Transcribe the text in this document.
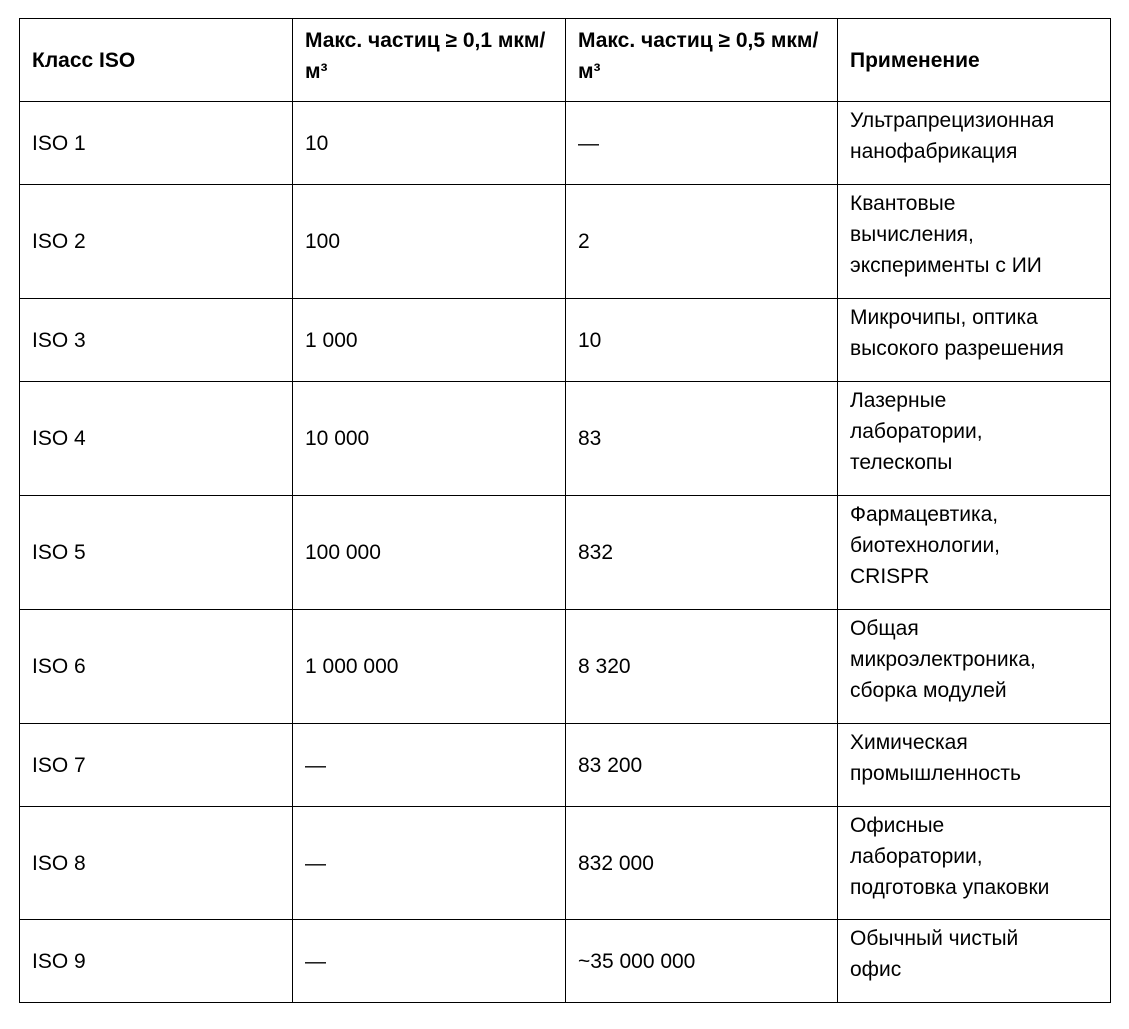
Класс ISO	Макс. частиц ≥ 0,1 мкм/м³	Макс. частиц ≥ 0,5 мкм/м³	Применение
ISO 1	10	—	Ультрапрецизионная
нанофабрикация

ISO 2	100	2	Квантовые
вычисления,
эксперименты с ИИ

ISO 3	1 000	10	Микрочипы, оптика
высокого разрешения

ISO 4	10 000	83	Лазерные
лаборатории,
телескопы

ISO 5	100 000	832	Фармацевтика,
биотехнологии,
CRISPR

ISO 6	1 000 000	8 320	Общая
микроэлектроника,
сборка модулей

ISO 7	—	83 200	Химическая
промышленность

ISO 8	—	832 000	Офисные
лаборатории,
подготовка упаковки

ISO 9	—	~35 000 000	Обычный чистый
офис
